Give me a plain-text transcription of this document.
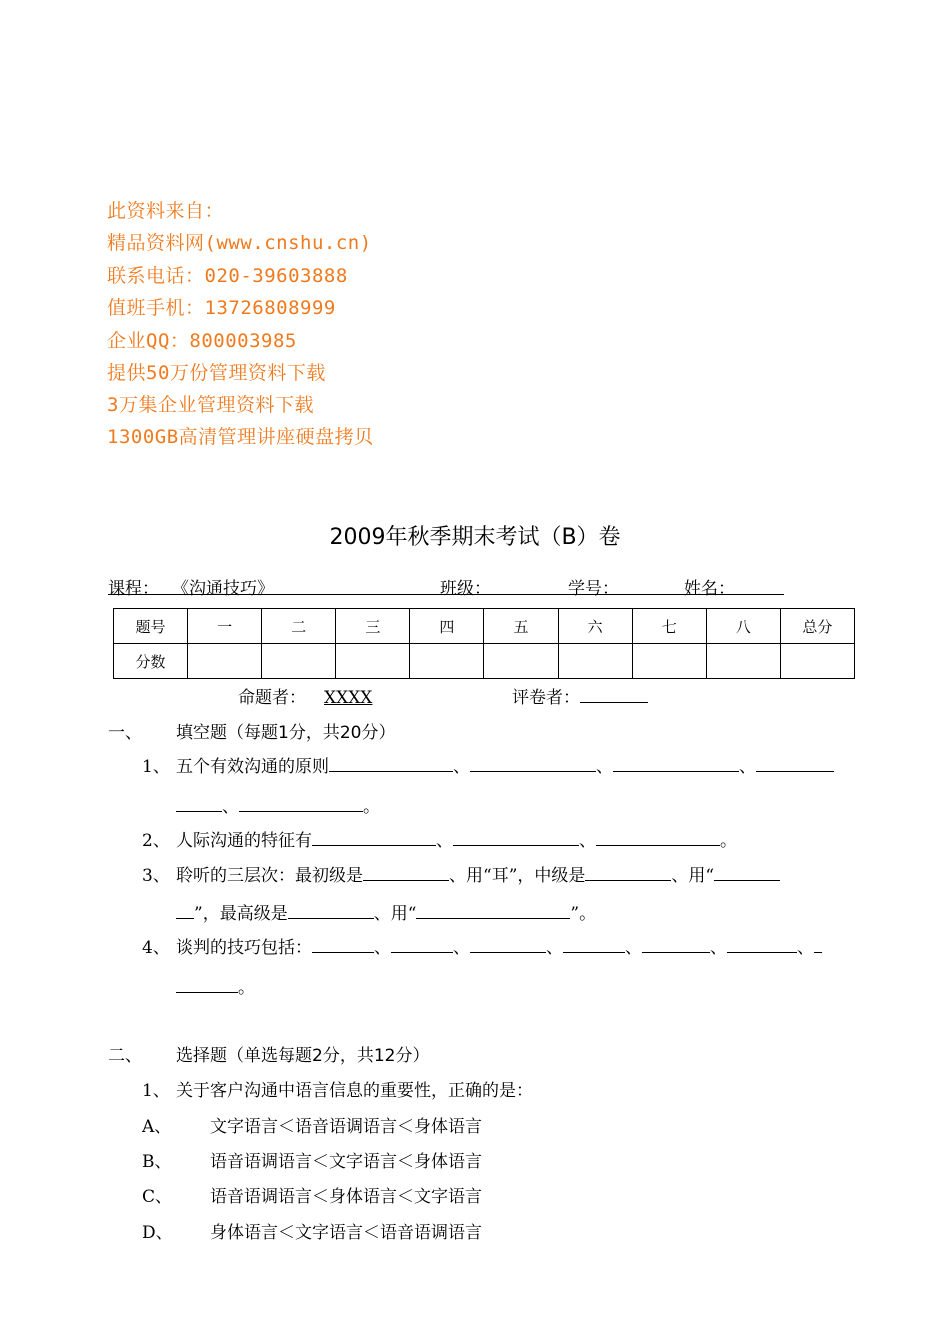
此资料来自：
精品资料网(www.cnshu.cn)
联系电话：020-39603888
值班手机：13726808999
企业QQ：800003985
提供50万份管理资料下载
3万集企业管理资料下载
1300GB高清管理讲座硬盘拷贝
2009年秋季期末考试（B）卷
课程： 《沟通技巧》	班级：	学号：	姓名：
题号	一	二	三	四	五	六	七	八	总分
分数									
命题者： XXXX	评卷者：
一、 填空题（每题1分，共20分）
1、 五个有效沟通的原则	、	、	、
、	。
2、 人际沟通的特征有	、	、	。
3、 聆听的三层次：最初级是	、用“耳”，中级是	、用“
”，最高级是	、用“	”。
4、 谈判的技巧包括：	、	、	、	、	、	、
。
二、 选择题（单选每题2分，共12分）
1、 关于客户沟通中语言信息的重要性，正确的是：
A、 文字语言＜语音语调语言＜身体语言
B、 语音语调语言＜文字语言＜身体语言
C、 语音语调语言＜身体语言＜文字语言
D、 身体语言＜文字语言＜语音语调语言
